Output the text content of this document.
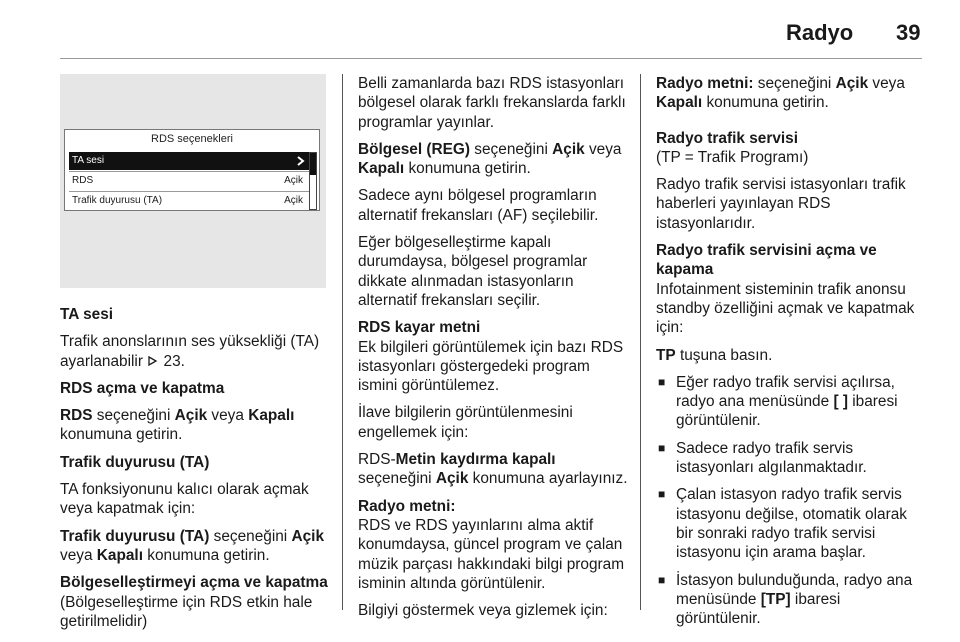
Radyo 39
RDS seçenekleri
TA sesi
RDS	Açik
Trafik duyurusu (TA)	Açik

TA sesi

Trafik anonslarının ses yüksekliği (TA) ayarlanabilir  23.

RDS açma ve kapatma

RDS seçeneğini Açik veya Kapalı konumuna getirin.

Trafik duyurusu (TA)

TA fonksiyonunu kalıcı olarak açmak veya kapatmak için:

Trafik duyurusu (TA) seçeneğini Açik veya Kapalı konumuna getirin.

Bölgeselleştirmeyi açma ve kapatma

(Bölgeselleştirme için RDS etkin hale getirilmelidir)

Belli zamanlarda bazı RDS istasyonları bölgesel olarak farklı frekanslarda farklı programlar yayınlar.

Bölgesel (REG) seçeneğini Açik veya Kapalı konumuna getirin.

Sadece aynı bölgesel programların alternatif frekansları (AF) seçilebilir.

Eğer bölgeselleştirme kapalı durumdaysa, bölgesel programlar dikkate alınmadan istasyonların alternatif frekansları seçilir.

RDS kayar metni

Ek bilgileri görüntülemek için bazı RDS istasyonları göstergedeki program ismini görüntülemez.

İlave bilgilerin görüntülenmesini engellemek için:

RDS-Metin kaydırma kapalı seçeneğini Açik konumuna ayarlayınız.

Radyo metni:

RDS ve RDS yayınlarını alma aktif konumdaysa, güncel program ve çalan müzik parçası hakkındaki bilgi program isminin altında görüntülenir.

Bilgiyi göstermek veya gizlemek için:

Radyo metni: seçeneğini Açik veya Kapalı konumuna getirin.

Radyo trafik servisi

(TP = Trafik Programı)

Radyo trafik servisi istasyonları trafik haberleri yayınlayan RDS istasyonlarıdır.

Radyo trafik servisini açma ve kapama

Infotainment sisteminin trafik anonsu standby özelliğini açmak ve kapatmak için:

TP tuşuna basın.

■ Eğer radyo trafik servisi açılırsa, radyo ana menüsünde [ ] ibaresi görüntülenir.
■ Sadece radyo trafik servis istasyonları algılanmaktadır.
■ Çalan istasyon radyo trafik servis istasyonu değilse, otomatik olarak bir sonraki radyo trafik servisi istasyonu için arama başlar.
■ İstasyon bulunduğunda, radyo ana menüsünde [TP] ibaresi görüntülenir.
